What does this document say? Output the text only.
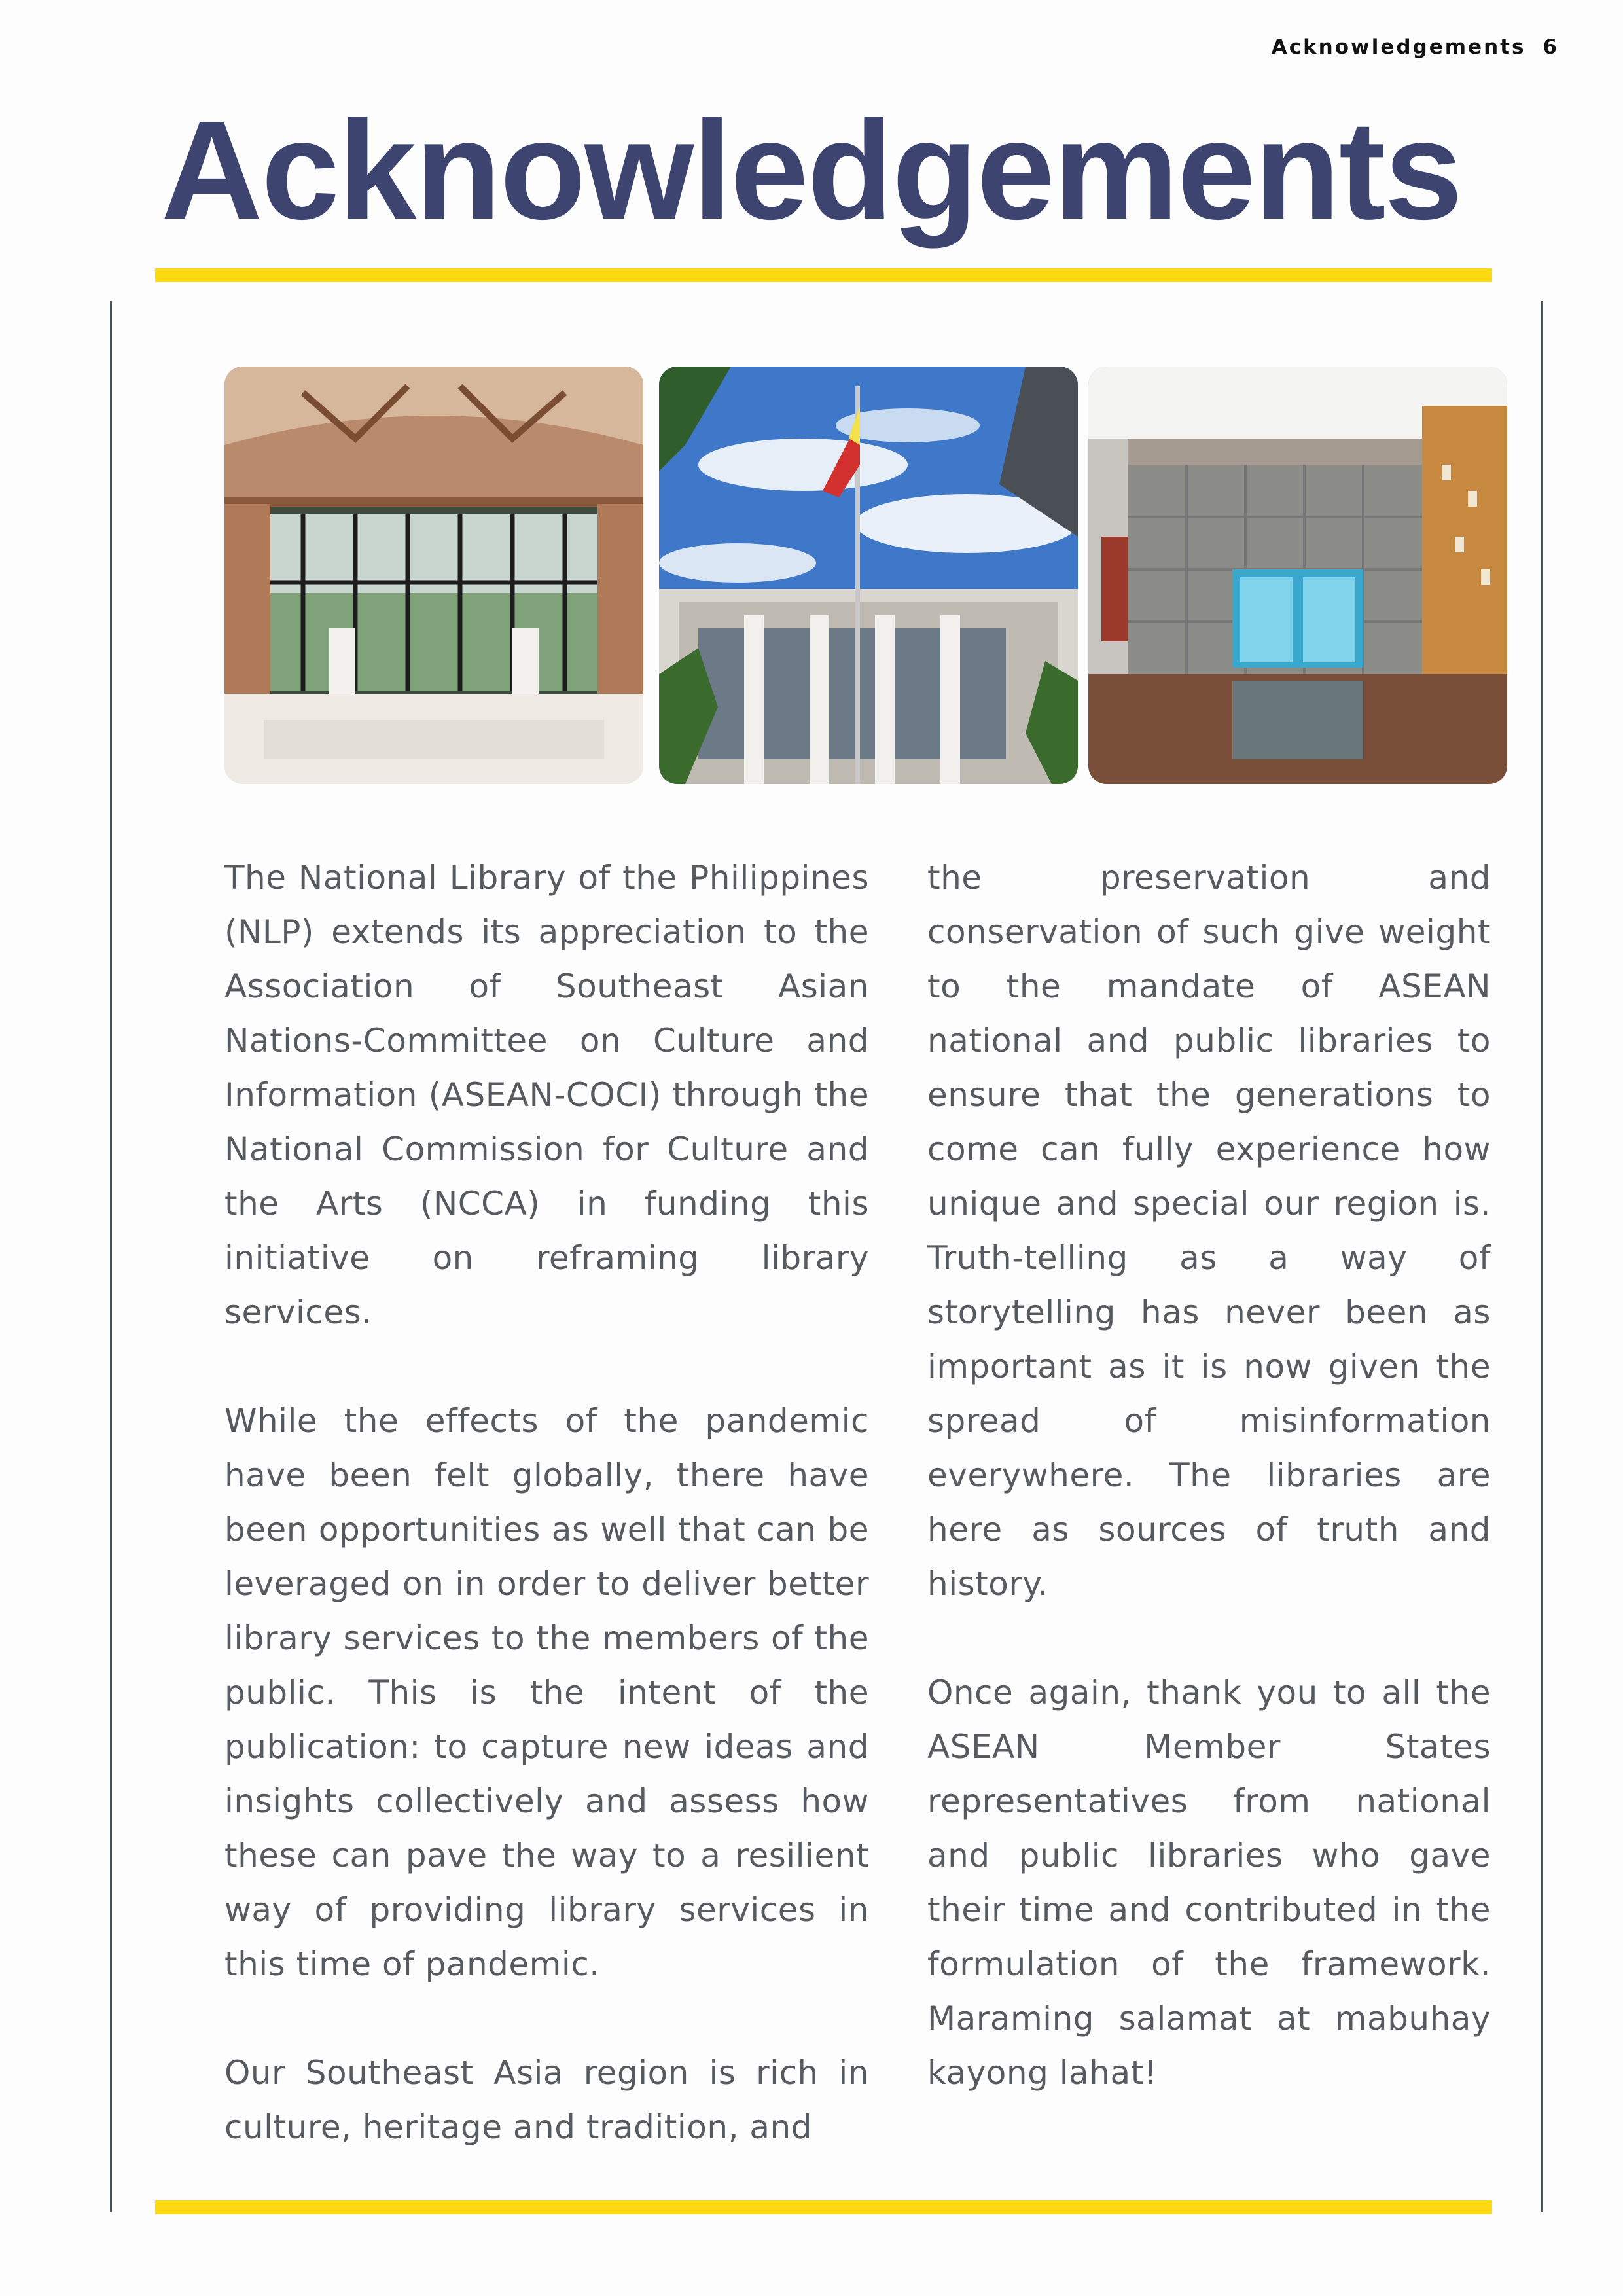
Acknowledgements 6
Acknowledgements

The National Library of the Philippines (NLP) extends its appreciation to the Association of Southeast Asian Nations-Committee on Culture and Information (ASEAN-COCI) through the National Commission for Culture and the Arts (NCCA) in funding this initiative on reframing library services.

While the effects of the pandemic have been felt globally, there have been opportunities as well that can be leveraged on in order to deliver better library services to the members of the public. This is the intent of the publication: to capture new ideas and insights collectively and assess how these can pave the way to a resilient way of providing library services in this time of pandemic.

Our Southeast Asia region is rich in culture, heritage and tradition, and

the preservation and conservation of such give weight to the mandate of ASEAN national and public libraries to ensure that the generations to come can fully experience how unique and special our region is. Truth-telling as a way of storytelling has never been as important as it is now given the spread of misinformation everywhere. The libraries are here as sources of truth and history.

Once again, thank you to all the ASEAN Member States representatives from national and public libraries who gave their time and contributed in the formulation of the framework. Maraming salamat at mabuhay kayong lahat!
